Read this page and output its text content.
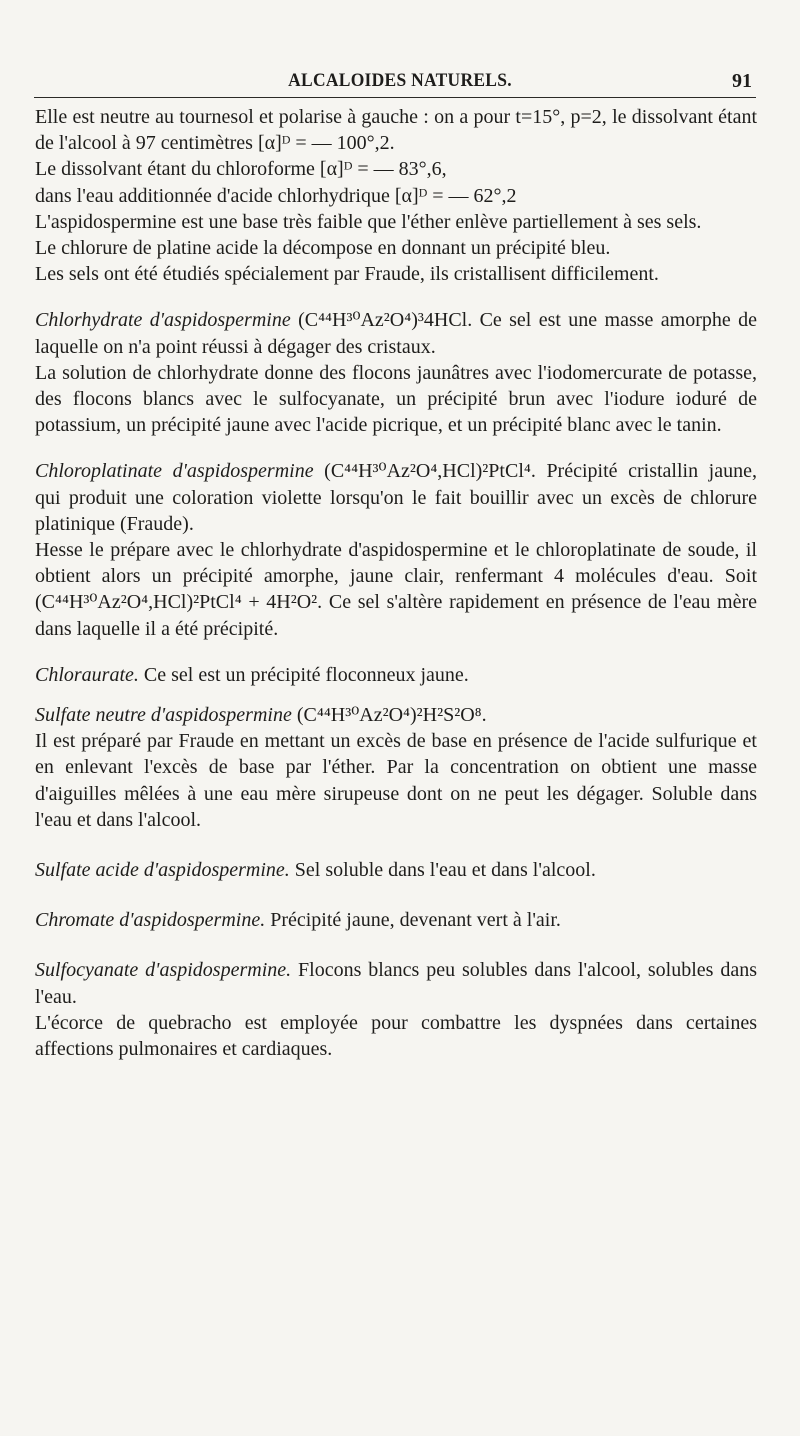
ALCALOIDES NATURELS.	91

Elle est neutre au tournesol et polarise à gauche : on a pour t=15°, p=2, le dissolvant étant de l'alcool à 97 centimètres [α]ᴰ = — 100°,2.

Le dissolvant étant du chloroforme [α]ᴰ = — 83°,6,

dans l'eau additionnée d'acide chlorhydrique [α]ᴰ = — 62°,2

L'aspidospermine est une base très faible que l'éther enlève partiellement à ses sels.

Le chlorure de platine acide la décompose en donnant un précipité bleu.

Les sels ont été étudiés spécialement par Fraude, ils cristallisent difficilement.

Chlorhydrate d'aspidospermine (C⁴⁴H³⁰Az²O⁴)³4HCl. Ce sel est une masse amorphe de laquelle on n'a point réussi à dégager des cristaux.

La solution de chlorhydrate donne des flocons jaunâtres avec l'iodomercurate de potasse, des flocons blancs avec le sulfocyanate, un précipité brun avec l'iodure ioduré de potassium, un précipité jaune avec l'acide picrique, et un précipité blanc avec le tanin.

Chloroplatinate d'aspidospermine (C⁴⁴H³⁰Az²O⁴,HCl)²PtCl⁴. Précipité cristallin jaune, qui produit une coloration violette lorsqu'on le fait bouillir avec un excès de chlorure platinique (Fraude).

Hesse le prépare avec le chlorhydrate d'aspidospermine et le chloroplatinate de soude, il obtient alors un précipité amorphe, jaune clair, renfermant 4 molécules d'eau. Soit (C⁴⁴H³⁰Az²O⁴,HCl)²PtCl⁴ + 4H²O². Ce sel s'altère rapidement en présence de l'eau mère dans laquelle il a été précipité.

Chloraurate. Ce sel est un précipité floconneux jaune.

Sulfate neutre d'aspidospermine (C⁴⁴H³⁰Az²O⁴)²H²S²O⁸.

Il est préparé par Fraude en mettant un excès de base en présence de l'acide sulfurique et en enlevant l'excès de base par l'éther. Par la concentration on obtient une masse d'aiguilles mêlées à une eau mère sirupeuse dont on ne peut les dégager. Soluble dans l'eau et dans l'alcool.

Sulfate acide d'aspidospermine. Sel soluble dans l'eau et dans l'alcool.

Chromate d'aspidospermine. Précipité jaune, devenant vert à l'air.

Sulfocyanate d'aspidospermine. Flocons blancs peu solubles dans l'alcool, solubles dans l'eau.

L'écorce de quebracho est employée pour combattre les dyspnées dans certaines affections pulmonaires et cardiaques.
